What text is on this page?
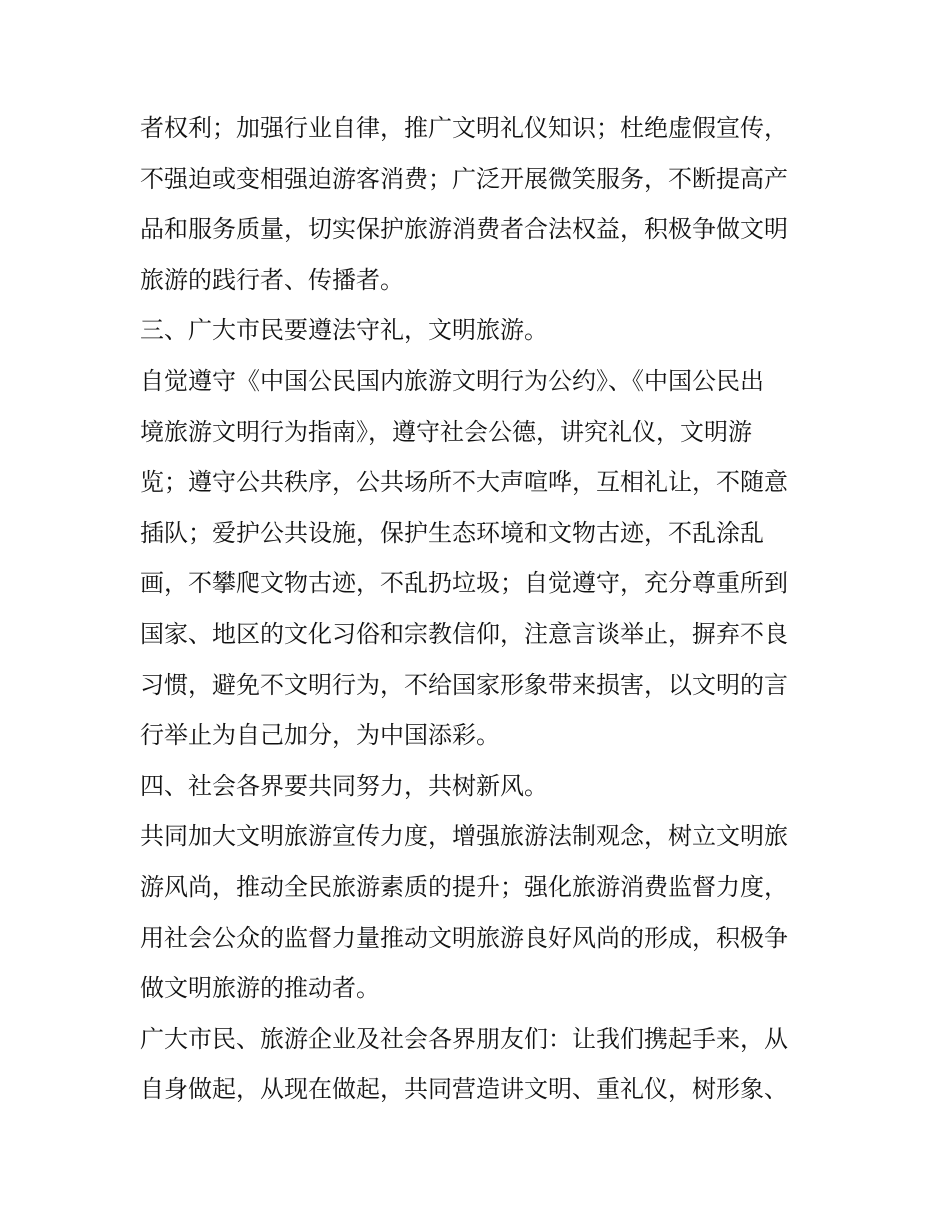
者权利；加强行业自律，推广文明礼仪知识；杜绝虚假宣传，
不强迫或变相强迫游客消费；广泛开展微笑服务，不断提高产
品和服务质量，切实保护旅游消费者合法权益，积极争做文明
旅游的践行者、传播者。
三、广大市民要遵法守礼，文明旅游。
自觉遵守《中国公民国内旅游文明行为公约》、《中国公民出
境旅游文明行为指南》，遵守社会公德，讲究礼仪，文明游
览；遵守公共秩序，公共场所不大声喧哗，互相礼让，不随意
插队；爱护公共设施，保护生态环境和文物古迹，不乱涂乱
画，不攀爬文物古迹，不乱扔垃圾；自觉遵守，充分尊重所到
国家、地区的文化习俗和宗教信仰，注意言谈举止，摒弃不良
习惯，避免不文明行为，不给国家形象带来损害，以文明的言
行举止为自己加分，为中国添彩。
四、社会各界要共同努力，共树新风。
共同加大文明旅游宣传力度，增强旅游法制观念，树立文明旅
游风尚，推动全民旅游素质的提升；强化旅游消费监督力度，
用社会公众的监督力量推动文明旅游良好风尚的形成，积极争
做文明旅游的推动者。
广大市民、旅游企业及社会各界朋友们：让我们携起手来，从
自身做起，从现在做起，共同营造讲文明、重礼仪，树形象、
